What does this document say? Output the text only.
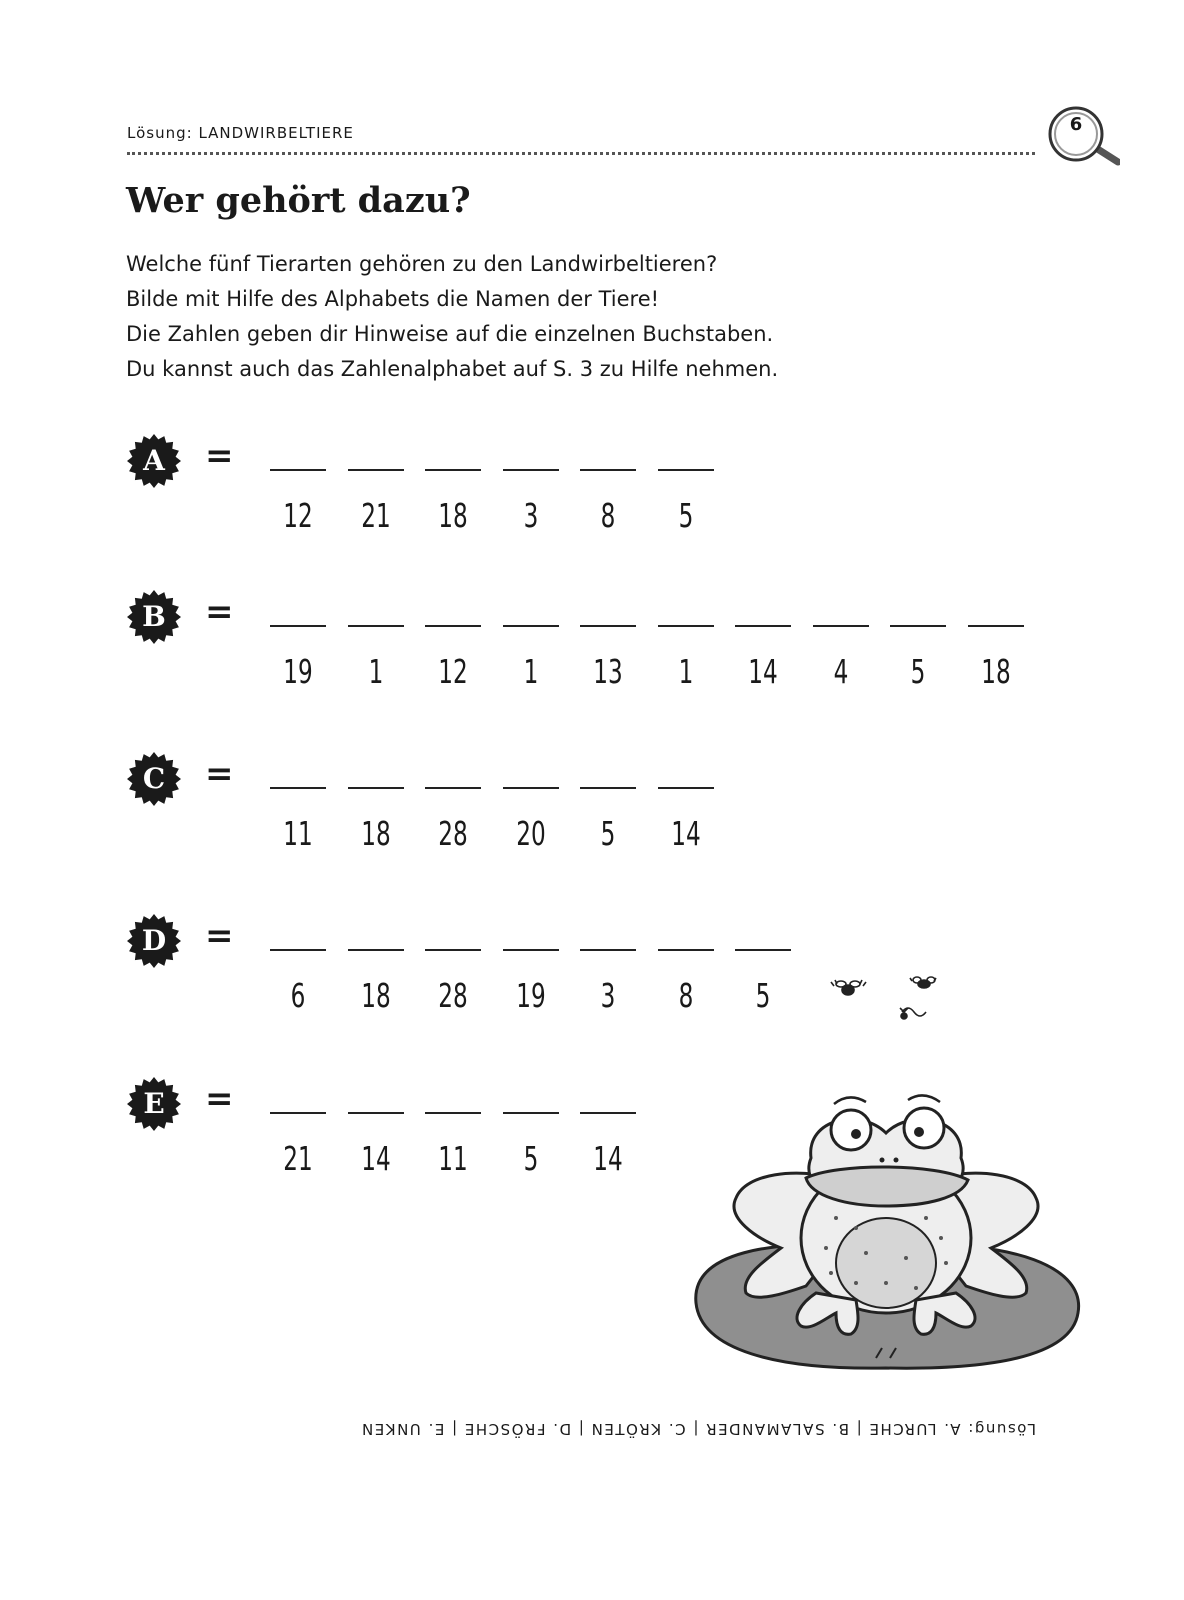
Lösung: LANDWIRBELTIERE	6
Wer gehört dazu?
Welche fünf Tierarten gehören zu den Landwirbeltieren?
Bilde mit Hilfe des Alphabets die Namen der Tiere!
Die Zahlen geben dir Hinweise auf die einzelnen Buchstaben.
Du kannst auch das Zahlenalphabet auf S. 3 zu Hilfe nehmen.
A	=
12	21	18	3	8	5
B	=
19	1	12	1	13	1	14	4	5	18
C	=
11	18	28	20	5	14
D	=
6	18	28	19	3	8	5
E	=
21	14	11	5	14
Lösung: A. LURCHE | B. SALAMANDER | C. KRÖTEN | D. FRÖSCHE | E. UNKEN
